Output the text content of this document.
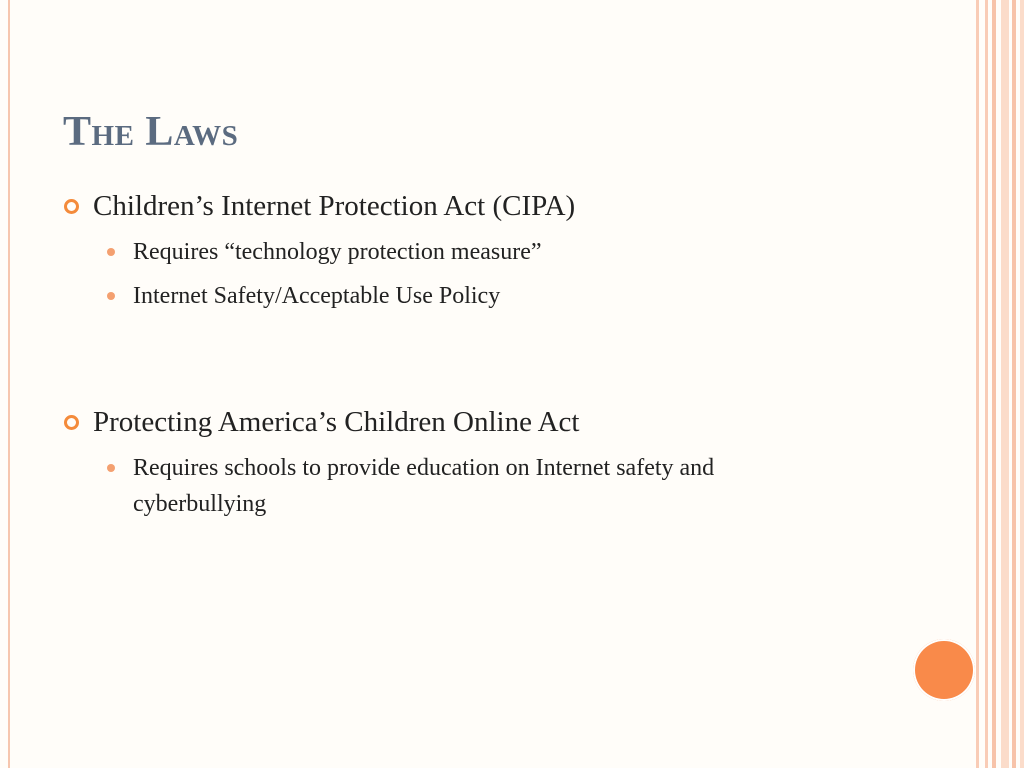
The Laws
Children’s Internet Protection Act (CIPA)
Requires “technology protection measure”
Internet Safety/Acceptable Use Policy
Protecting America’s Children Online Act
Requires schools to provide education on Internet safety and cyberbullying
